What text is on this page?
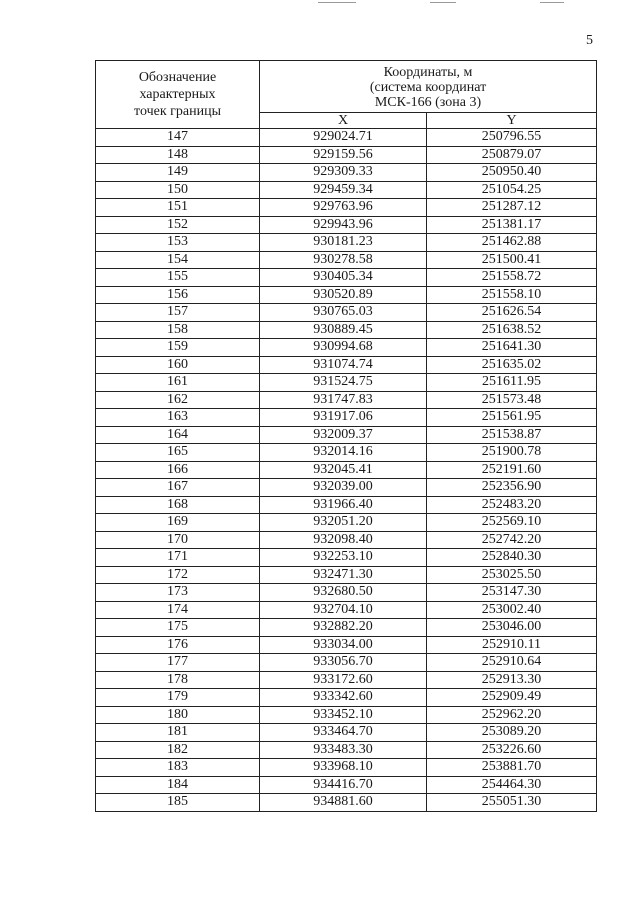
5
Обозначение
характерных
точек границы	Координаты, м
(система координат
МСК-166 (зона 3)	

	X	Y
147	929024.71	250796.55
148	929159.56	250879.07
149	929309.33	250950.40
150	929459.34	251054.25
151	929763.96	251287.12
152	929943.96	251381.17
153	930181.23	251462.88
154	930278.58	251500.41
155	930405.34	251558.72
156	930520.89	251558.10
157	930765.03	251626.54
158	930889.45	251638.52
159	930994.68	251641.30
160	931074.74	251635.02
161	931524.75	251611.95
162	931747.83	251573.48
163	931917.06	251561.95
164	932009.37	251538.87
165	932014.16	251900.78
166	932045.41	252191.60
167	932039.00	252356.90
168	931966.40	252483.20
169	932051.20	252569.10
170	932098.40	252742.20
171	932253.10	252840.30
172	932471.30	253025.50
173	932680.50	253147.30
174	932704.10	253002.40
175	932882.20	253046.00
176	933034.00	252910.11
177	933056.70	252910.64
178	933172.60	252913.30
179	933342.60	252909.49
180	933452.10	252962.20
181	933464.70	253089.20
182	933483.30	253226.60
183	933968.10	253881.70
184	934416.70	254464.30
185	934881.60	255051.30
